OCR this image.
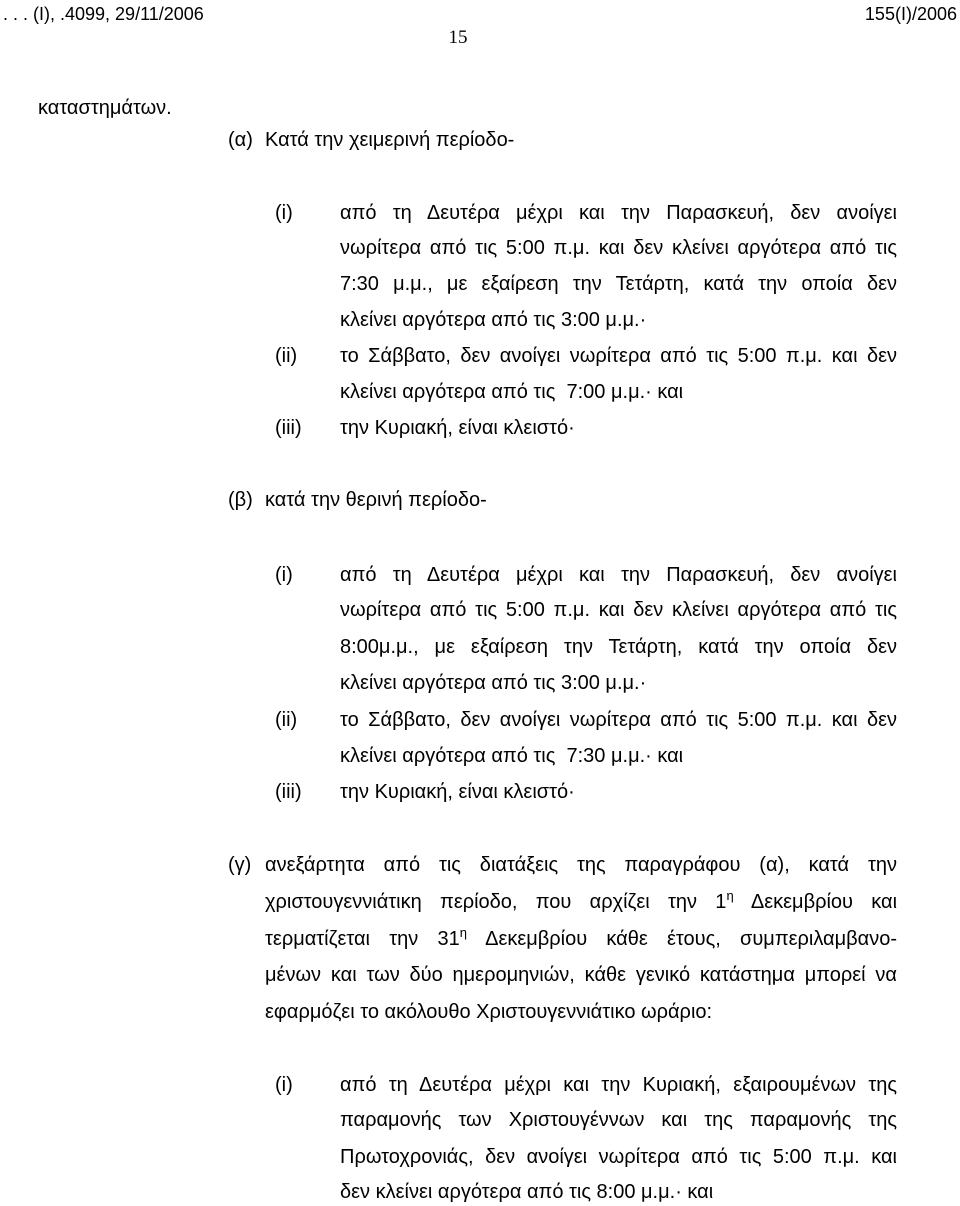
. . . (I), .4099, 29/11/2006	155(I)/2006
15
καταστημάτων.
(α) Κατά την χειμερινή περίοδο-
(i) από τη Δευτέρα μέχρι και την Παρασκευή, δεν ανοίγει
νωρίτερα από τις 5:00 π.μ. και δεν κλείνει αργότερα από τις
7:30 μ.μ., με εξαίρεση την Τετάρτη, κατά την οποία δεν
κλείνει αργότερα από τις 3:00 μ.μ.·
(ii) το Σάββατο, δεν ανοίγει νωρίτερα από τις 5:00 π.μ. και δεν
κλείνει αργότερα από τις  7:00 μ.μ.· και
(iii) την Κυριακή, είναι κλειστό·
(β) κατά την θερινή περίοδο-
(i) από τη Δευτέρα μέχρι και την Παρασκευή, δεν ανοίγει
νωρίτερα από τις 5:00 π.μ. και δεν κλείνει αργότερα από τις
8:00μ.μ., με εξαίρεση την Τετάρτη, κατά την οποία δεν
κλείνει αργότερα από τις 3:00 μ.μ.·
(ii) το Σάββατο, δεν ανοίγει νωρίτερα από τις 5:00 π.μ. και δεν
κλείνει αργότερα από τις  7:30 μ.μ.· και
(iii) την Κυριακή, είναι κλειστό·
(γ) ανεξάρτητα από τις διατάξεις της παραγράφου (α), κατά την
χριστουγεννιάτικη περίοδο, που αρχίζει την $1^\eta$ Δεκεμβρίου και
τερματίζεται την $31^\eta$ Δεκεμβρίου κάθε έτους, συμπεριλαμβανο-
μένων και των δύο ημερομηνιών, κάθε γενικό κατάστημα μπορεί να
εφαρμόζει το ακόλουθο Χριστουγεννιάτικο ωράριο:
(i) από τη Δευτέρα μέχρι και την Κυριακή, εξαιρουμένων της
παραμονής των Χριστουγέννων και της παραμονής της
Πρωτοχρονιάς, δεν ανοίγει νωρίτερα από τις 5:00 π.μ. και
δεν κλείνει αργότερα από τις 8:00 μ.μ.· και
